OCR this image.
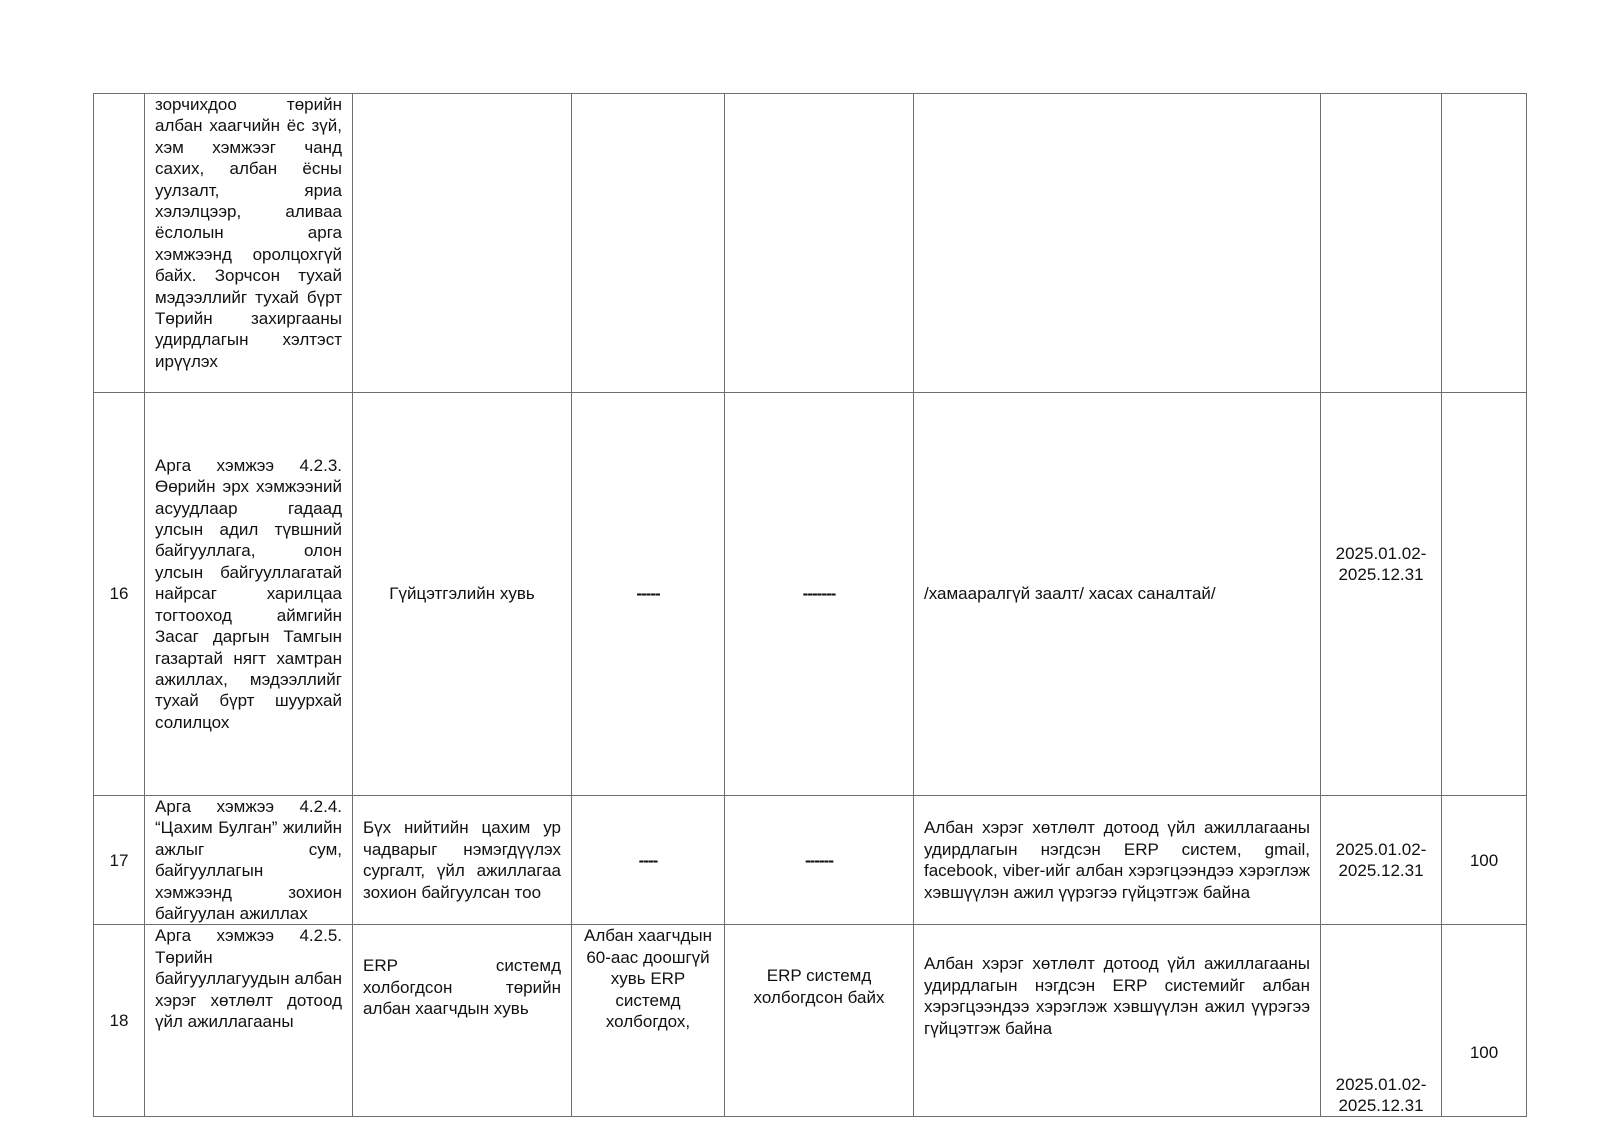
	зорчихдоо төрийн албан хаагчийн ёс зүй, хэм хэмжээг чанд сахих, албан ёсны уулзалт, яриа хэлэлцээр, аливаа ёслолын арга хэмжээнд оролцохгүй байх. Зорчсон тухай мэдээллийг тухай бүрт Төрийн захиргааны удирдлагын хэлтэст ирүүлэх						
16	Арга хэмжээ 4.2.3. Өөрийн эрх хэмжээний асуудлаар гадаад улсын адил түвшний байгууллага, олон улсын байгууллагатай найрсаг харилцаа тогтооход аймгийн Засаг даргын Тамгын газартай нягт хамтран ажиллах, мэдээллийг тухай бүрт шуурхай солилцох	Гүйцэтгэлийн хувь	-----	-------	/хамааралгүй заалт/ хасах саналтай/	2025.01.02-
2025.12.31	
17	Арга хэмжээ 4.2.4. “Цахим Булган” жилийн ажлыг сум, байгууллагын хэмжээнд зохион байгуулан ажиллах	Бүх нийтийн цахим ур чадварыг нэмэгдүүлэх сургалт, үйл ажиллагаа зохион байгуулсан тоо	----	------	Албан хэрэг хөтлөлт дотоод үйл ажиллагааны удирдлагын нэгдсэн ERP систем, gmail, facebook, viber-ийг албан хэрэгцээндээ хэрэглэж хэвшүүлэн ажил үүрэгээ гүйцэтгэж байна	2025.01.02-
2025.12.31	100
18	Арга хэмжээ 4.2.5. Төрийн байгууллагуудын албан хэрэг хөтлөлт дотоод үйл ажиллагааны	ERP системд холбогдсон төрийн албан хаагчдын хувь	Албан хаагчдын 60-аас доошгүй хувь ERP системд холбогдох,	ERP системд холбогдсон байх	Албан хэрэг хөтлөлт дотоод үйл ажиллагааны удирдлагын нэгдсэн ERP системийг албан хэрэгцээндээ хэрэглэж хэвшүүлэн ажил үүрэгээ гүйцэтгэж байна	2025.01.02-
2025.12.31	100
